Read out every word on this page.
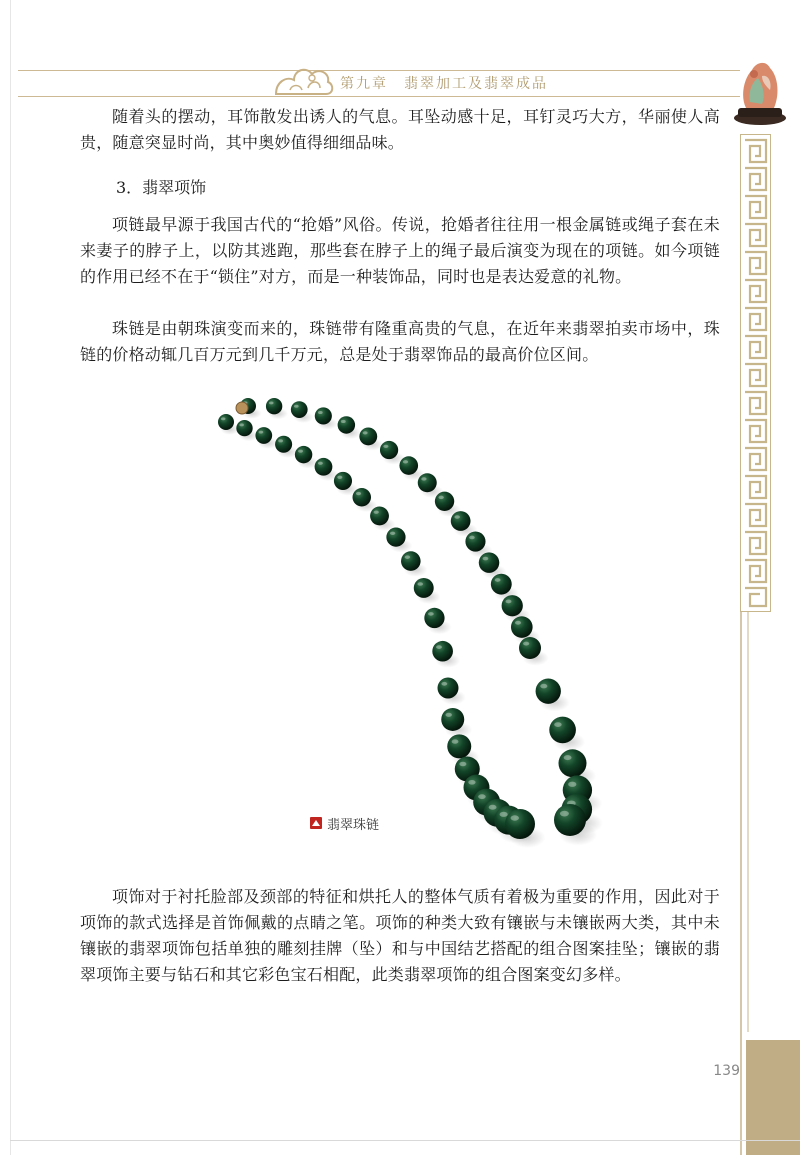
第九章　翡翠加工及翡翠成品
139

随着头的摆动，耳饰散发出诱人的气息。耳坠动感十足，耳钉灵巧大方，华丽使人高贵，随意突显时尚，其中奥妙值得细细品味。

3．翡翠项饰

项链最早源于我国古代的“抢婚”风俗。传说，抢婚者往往用一根金属链或绳子套在未来妻子的脖子上，以防其逃跑，那些套在脖子上的绳子最后演变为现在的项链。如今项链的作用已经不在于“锁住”对方，而是一种装饰品，同时也是表达爱意的礼物。

珠链是由朝珠演变而来的，珠链带有隆重高贵的气息，在近年来翡翠拍卖市场中，珠链的价格动辄几百万元到几千万元，总是处于翡翠饰品的最高价位区间。

翡翠珠链

项饰对于衬托脸部及颈部的特征和烘托人的整体气质有着极为重要的作用，因此对于项饰的款式选择是首饰佩戴的点睛之笔。项饰的种类大致有镶嵌与未镶嵌两大类，其中未镶嵌的翡翠项饰包括单独的雕刻挂牌（坠）和与中国结艺搭配的组合图案挂坠；镶嵌的翡翠项饰主要与钻石和其它彩色宝石相配，此类翡翠项饰的组合图案变幻多样。
